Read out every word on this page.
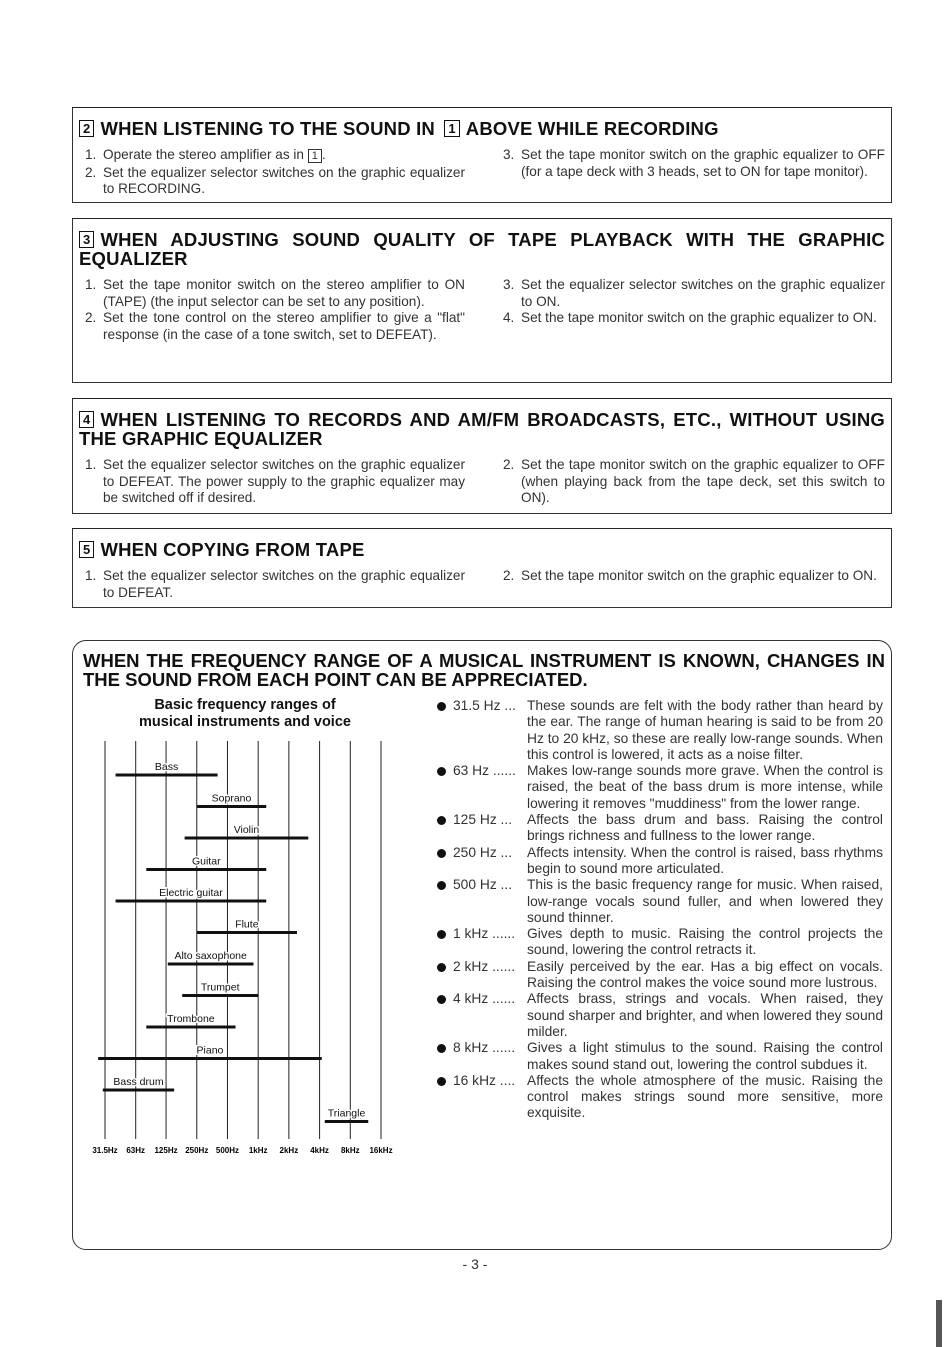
2 WHEN LISTENING TO THE SOUND IN 1 ABOVE WHILE RECORDING
1. Operate the stereo amplifier as in 1 .
2. Set the equalizer selector switches on the graphic equalizer to RECORDING.
3. Set the tape monitor switch on the graphic equalizer to OFF (for a tape deck with 3 heads, set to ON for tape monitor).
3 WHEN ADJUSTING SOUND QUALITY OF TAPE PLAYBACK WITH THE GRAPHIC EQUALIZER
1. Set the tape monitor switch on the stereo amplifier to ON (TAPE) (the input selector can be set to any position).
2. Set the tone control on the stereo amplifier to give a "flat" response (in the case of a tone switch, set to DEFEAT).
3. Set the equalizer selector switches on the graphic equalizer to ON.
4. Set the tape monitor switch on the graphic equalizer to ON.
4 WHEN LISTENING TO RECORDS AND AM/FM BROADCASTS, ETC., WITHOUT USING THE GRAPHIC EQUALIZER
1. Set the equalizer selector switches on the graphic equalizer to DEFEAT. The power supply to the graphic equalizer may be switched off if desired.
2. Set the tape monitor switch on the graphic equalizer to OFF (when playing back from the tape deck, set this switch to ON).
5 WHEN COPYING FROM TAPE
1. Set the equalizer selector switches on the graphic equalizer to DEFEAT.
2. Set the tape monitor switch on the graphic equalizer to ON.
WHEN THE FREQUENCY RANGE OF A MUSICAL INSTRUMENT IS KNOWN, CHANGES IN THE SOUND FROM EACH POINT CAN BE APPRECIATED.
Basic frequency ranges of musical instruments and voice
31.5Hz 63Hz 125Hz 250Hz 500Hz 1kHz 2kHz 4kHz 8kHz 16kHz
Bass
Soprano
Violin
Guitar
Electric guitar
Flute
Alto saxophone
Trumpet
Trombone
Piano
Bass drum
Triangle
31.5 Hz ... These sounds are felt with the body rather than heard by the ear. The range of human hearing is said to be from 20 Hz to 20 kHz, so these are really low-range sounds. When this control is lowered, it acts as a noise filter.
63 Hz ...... Makes low-range sounds more grave. When the control is raised, the beat of the bass drum is more intense, while lowering it removes "muddiness" from the lower range.
125 Hz ... Affects the bass drum and bass. Raising the control brings richness and fullness to the lower range.
250 Hz ... Affects intensity. When the control is raised, bass rhythms begin to sound more articulated.
500 Hz ... This is the basic frequency range for music. When raised, low-range vocals sound fuller, and when lowered they sound thinner.
1 kHz ...... Gives depth to music. Raising the control projects the sound, lowering the control retracts it.
2 kHz ...... Easily perceived by the ear. Has a big effect on vocals. Raising the control makes the voice sound more lustrous.
4 kHz ...... Affects brass, strings and vocals. When raised, they sound sharper and brighter, and when lowered they sound milder.
8 kHz ...... Gives a light stimulus to the sound. Raising the control makes sound stand out, lowering the control subdues it.
16 kHz .... Affects the whole atmosphere of the music. Raising the control makes strings sound more sensitive, more exquisite.
- 3 -
